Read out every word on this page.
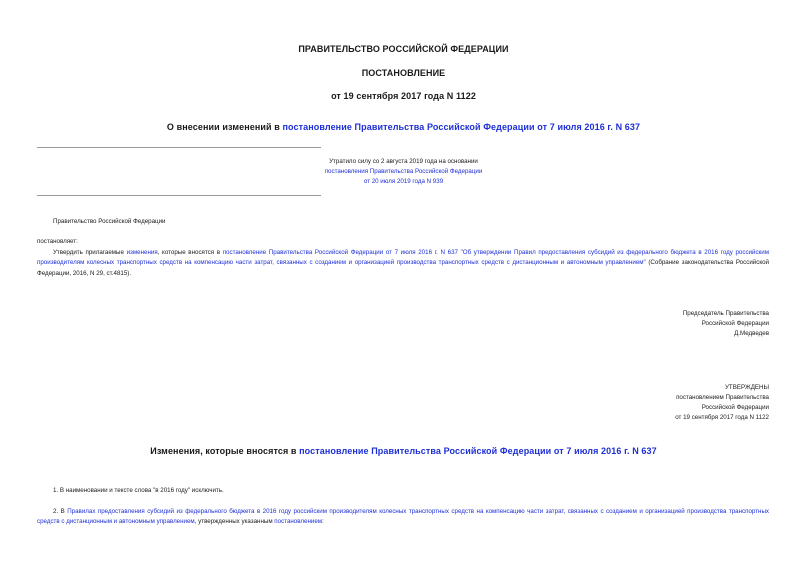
ПРАВИТЕЛЬСТВО РОССИЙСКОЙ ФЕДЕРАЦИИ
ПОСТАНОВЛЕНИЕ
от 19 сентября 2017 года N 1122
О внесении изменений в постановление Правительства Российской Федерации от 7 июля 2016 г. N 637
Утратило силу со 2 августа 2019 года на основании
постановления Правительства Российской Федерации
от 20 июля 2019 года N 939
Правительство Российской Федерации
постановляет:
Утвердить прилагаемые изменения, которые вносятся в постановление Правительства Российской Федерации от 7 июля 2016 г. N 637 "Об утверждении Правил предоставления субсидий из федерального бюджета в 2016 году российским производителям колесных транспортных средств на компенсацию части затрат, связанных с созданием и организацией производства транспортных средств с дистанционным и автономным управлением" (Собрание законодательства Российской Федерации, 2016, N 29, ст.4815).
Председатель Правительства
Российской Федерации
Д.Медведев
УТВЕРЖДЕНЫ
постановлением Правительства
Российской Федерации
от 19 сентября 2017 года N 1122
Изменения, которые вносятся в постановление Правительства Российской Федерации от 7 июля 2016 г. N 637
1. В наименовании и тексте слова "в 2016 году" исключить.
2. В Правилах предоставления субсидий из федерального бюджета в 2016 году российским производителям колесных транспортных средств на компенсацию части затрат, связанных с созданием и организацией производства транспортных средств с дистанционным и автономным управлением, утвержденных указанным постановлением:
